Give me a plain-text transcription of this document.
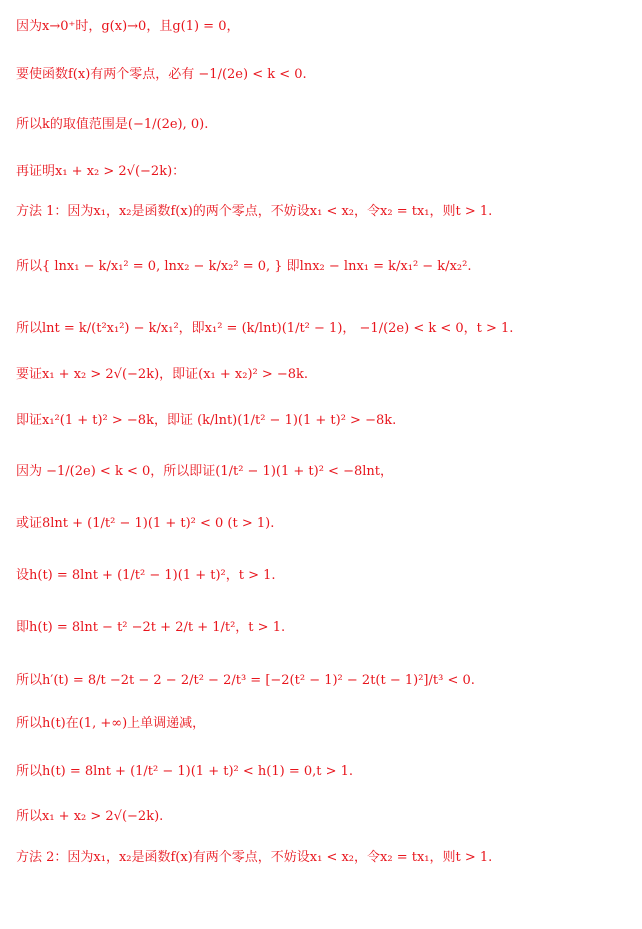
因为x→0⁺时，g(x)→0，且g(1) = 0，
要使函数f(x)有两个零点，必有 −1/(2e) < k < 0.
所以k的取值范围是(−1/(2e), 0).
再证明x₁ + x₂ > 2√(−2k)：
方法 1：因为x₁，x₂是函数f(x)的两个零点，不妨设x₁ < x₂，令x₂ = tx₁，则t > 1.
所以{ lnx₁ − k/x₁² = 0, lnx₂ − k/x₂² = 0, } 即lnx₂ − lnx₁ = k/x₁² − k/x₂².
所以lnt = k/(t²x₁²) − k/x₁²，即x₁² = (k/lnt)(1/t² − 1)， −1/(2e) < k < 0，t > 1.
要证x₁ + x₂ > 2√(−2k)，即证(x₁ + x₂)² > −8k.
即证x₁²(1 + t)² > −8k，即证 (k/lnt)(1/t² − 1)(1 + t)² > −8k.
因为 −1/(2e) < k < 0，所以即证(1/t² − 1)(1 + t)² < −8lnt，
或证8lnt + (1/t² − 1)(1 + t)² < 0 (t > 1).
设h(t) = 8lnt + (1/t² − 1)(1 + t)²，t > 1.
即h(t) = 8lnt − t² −2t + 2/t + 1/t²，t > 1.
所以h′(t) = 8/t −2t − 2 − 2/t² − 2/t³ = [−2(t² − 1)² − 2t(t − 1)²]/t³ < 0.
所以h(t)在(1, +∞)上单调递减，
所以h(t) = 8lnt + (1/t² − 1)(1 + t)² < h(1) = 0,t > 1.
所以x₁ + x₂ > 2√(−2k).
方法 2：因为x₁，x₂是函数f(x)有两个零点，不妨设x₁ < x₂，令x₂ = tx₁，则t > 1.
